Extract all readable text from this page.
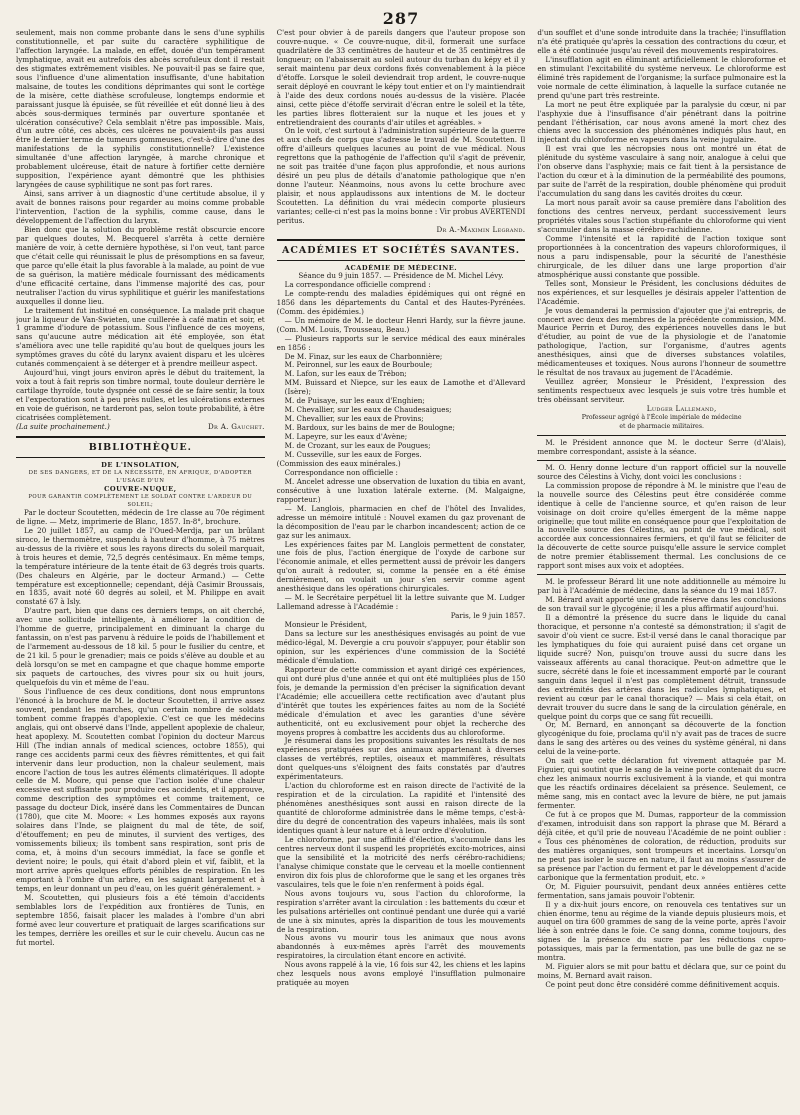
287

seulement, mais non comme probante dans le sens d'une syphilis constitutionnelle, et par suite du caractère syphilitique de l'affection laryngée. La malade, en effet, douée d'un tempérament lymphatique, avait eu autrefois des abcès scrofuleux dont il restait des stigmates extrêmement visibles. Ne pouvait-il pas se faire que, sous l'influence d'une alimentation insuffisante, d'une habitation malsaine, de toutes les conditions déprimantes qui sont le cortège de la misère, cette diathèse scrofuleuse, longtemps endormie et paraissant jusque là épuisée, se fût réveillée et eût donné lieu à des abcès sous-dermiques terminés par ouverture spontanée et ulcération consécutive? Cela semblait n'être pas impossible. Mais, d'un autre côté, ces abcès, ces ulcères ne pouvaient-ils pas aussi être le dernier terme de tumeurs gommeuses, c'est-à-dire d'une des manifestations de la syphilis constitutionnelle? L'existence simultanée d'une affection laryngée, à marche chronique et probablement ulcéreuse, était de nature à fortifier cette dernière supposition, l'expérience ayant démontré que les phthisies laryngées de cause syphilitique ne sont pas fort rares.

Ainsi, sans arriver à un diagnostic d'une certitude absolue, il y avait de bonnes raisons pour regarder au moins comme probable l'intervention, l'action de la syphilis, comme cause, dans le développement de l'affection du larynx.

Bien donc que la solution du problème restât obscurcie encore par quelques doutes, M. Becquerel s'arrêta à cette dernière manière de voir, à cette dernière hypothèse, si l'on veut, tant parce que c'était celle qui réunissait le plus de présomptions en sa faveur, que parce qu'elle était la plus favorable à la malade, au point de vue de sa guérison, la matière médicale fournissant des médicaments d'une efficacité certaine, dans l'immense majorité des cas, pour neutraliser l'action du virus syphilitique et guérir les manifestations auxquelles il donne lieu.

Le traitement fut institué en conséquence. La malade prit chaque jour la liqueur de Van-Swieten, une cuillerée à café matin et soir, et 1 gramme d'iodure de potassium. Sous l'influence de ces moyens, sans qu'aucune autre médication ait été employée, son état s'améliora avec une telle rapidité qu'au bout de quelques jours les symptômes graves du côté du larynx avaient disparu et les ulcères cutanés commençaient à se déterger et à prendre meilleur aspect.

Aujourd'hui, vingt jours environ après le début du traitement, la voix a tout à fait repris son timbre normal, toute douleur derrière le cartilage thyroïde, toute dyspnée ont cessé de se faire sentir, la toux et l'expectoration sont à peu près nulles, et les ulcérations externes en voie de guérison, ne tarderont pas, selon toute probabilité, à être cicatrisées complètement.

(La suite prochainement.)	Dr A. Gauchet.
BIBLIOTHÈQUE.
DE L'INSOLATION,
DE SES DANGERS, ET DE LA NÉCESSITÉ, EN AFRIQUE, D'ADOPTER L'USAGE D'UN
COUVRE-NUQUE,
POUR GARANTIR COMPLÈTEMENT LE SOLDAT CONTRE L'ARDEUR DU SOLEIL;

Par le docteur Scoutetten, médecin de 1re classe au 70e régiment de ligne. — Metz, imprimerie de Blanc, 1857. In-8°, brochure.

Le 20 juillet 1857, au camp de l'Oued-Merdja, par un brûlant siroco, le thermomètre, suspendu à hauteur d'homme, à 75 mètres au-dessus de la rivière et sous les rayons directs du soleil marquait, à trois heures et demie, 72,5 degrés centésimaux. En même temps, la température intérieure de la tente était de 63 degrés trois quarts. (Des chaleurs en Algérie, par le docteur Armand.) — Cette température est exceptionnelle; cependant, déjà Casimir Broussais, en 1835, avait noté 60 degrés au soleil, et M. Philippe en avait constaté 67 à Isly.

D'autre part, bien que dans ces derniers temps, on ait cherché, avec une sollicitude intelligente, à améliorer la condition de l'homme de guerre, principalement en diminuant la charge du fantassin, on n'est pas parvenu à réduire le poids de l'habillement et de l'armement au-dessous de 18 kil. 5 pour le fusilier du centre, et de 21 kil. 5 pour le grenadier; mais ce poids s'élève au double et au delà lorsqu'on se met en campagne et que chaque homme emporte six paquets de cartouches, des vivres pour six ou huit jours, quelquefois du vin et même de l'eau.

Sous l'influence de ces deux conditions, dont nous empruntons l'énoncé à la brochure de M. le docteur Scoutetten, il arrive assez souvent, pendant les marches, qu'un certain nombre de soldats tombent comme frappés d'apoplexie. C'est ce que les médecins anglais, qui ont observé dans l'Inde, appellent apoplexie de chaleur, heat apoplexy. M. Scoutetten combat l'opinion du docteur Marcus Hill (The indian annals of medical sciences, octobre 1855), qui range ces accidents parmi ceux des fièvres rémittentes, et qui fait intervenir dans leur production, non la chaleur seulement, mais encore l'action de tous les autres éléments climatériques. Il adopte celle de M. Moore, qui pense que l'action isolée d'une chaleur excessive est suffisante pour produire ces accidents, et il approuve, comme description des symptômes et comme traitement, ce passage du docteur Dick, inséré dans les Commentaires de Duncan (1780), que cite M. Moore: « Les hommes exposés aux rayons solaires dans l'Inde, se plaignent du mal de tête, de soif, d'étouffement; en peu de minutes, il survient des vertiges, des vomissements bilieux; ils tombent sans respiration, sont pris de coma, et, à moins d'un secours immédiat, la face se gonfle et devient noire; le pouls, qui était d'abord plein et vif, faiblit, et la mort arrive après quelques efforts pénibles de respiration. En les emportant à l'ombre d'un arbre, en les saignant largement et à temps, en leur donnant un peu d'eau, on les guérit généralement. »

M. Scoutetten, qui plusieurs fois a été témoin d'accidents semblables lors de l'expédition aux frontières de Tunis, en septembre 1856, faisait placer les malades à l'ombre d'un abri formé avec leur couverture et pratiquait de larges scarifications sur les tempes, derrière les oreilles et sur le cuir chevelu. Aucun cas ne fut mortel.

C'est pour obvier à de pareils dangers que l'auteur propose son couvre-nuque. « Ce couvre-nuque, dit-il, formerait une surface quadrilatère de 33 centimètres de hauteur et de 35 centimètres de longueur; on l'abaisserait au soleil autour du turban du képy et il y serait maintenu par deux cordons fixés convenablement à la pièce d'étoffe. Lorsque le soleil deviendrait trop ardent, le couvre-nuque serait déployé en couvrant le képy tout entier et on l'y maintiendrait à l'aide des deux cordons noués au-dessus de la visière. Placée ainsi, cette pièce d'étoffe servirait d'écran entre le soleil et la tête, les parties libres flotteraient sur la nuque et les joues et y entretiendraient des courants d'air utiles et agréables. »

On le voit, c'est surtout à l'administration supérieure de la guerre et aux chefs de corps que s'adresse le travail de M. Scoutetten. Il offre d'ailleurs quelques lacunes au point de vue médical. Nous regrettons que la pathogénie de l'affection qu'il s'agit de prévenir, ne soit pas traitée d'une façon plus approfondie, et nous aurions désiré un peu plus de détails d'anatomie pathologique que n'en donne l'auteur. Néanmoins, nous avons lu cette brochure avec plaisir, et nous applaudissons aux intentions de M. le docteur Scoutetten. La définition du vrai médecin comporte plusieurs variantes; celle-ci n'est pas la moins bonne : Vir probus AVERTENDI peritus.

Dr A.-Maximin Legrand.
ACADÉMIES ET SOCIÉTÉS SAVANTES.
ACADÉMIE DE MÉDECINE.
Séance du 9 juin 1857. — Présidence de M. Michel Lévy.

La correspondance officielle comprend :

Le compte-rendu des maladies épidémiques qui ont régné en 1856 dans les départements du Cantal et des Hautes-Pyrénées. (Comm. des épidémies.)

— Un mémoire de M. le docteur Henri Hardy, sur la fièvre jaune. (Com. MM. Louis, Trousseau, Beau.)

— Plusieurs rapports sur le service médical des eaux minérales en 1856 :

De M. Finaz, sur les eaux de Charbonnière;
M. Peironnel, sur les eaux de Bourboule;
M. Lafon, sur les eaux de Trébon;
MM. Buissard et Niepce, sur les eaux de Lamothe et d'Allevard (Isère);
M. de Puisaye, sur les eaux d'Enghien;
M. Chevallier, sur les eaux de Chaudesaigues;
M. Chevallier, sur les eaux de Provins;
M. Bardoux, sur les bains de mer de Boulogne;
M. Lapeyre, sur les eaux d'Avène;
M. de Crozant, sur les eaux de Pougues;
M. Cusseville, sur les eaux de Forges.
(Commission des eaux minérales.)

Correspondance non officielle :

M. Ancelet adresse une observation de luxation du tibia en avant, consécutive à une luxation latérale externe. (M. Malgaigne, rapporteur.)

— M. Langlois, pharmacien en chef de l'hôtel des Invalides, adresse un mémoire intitulé : Nouvel examen du gaz provenant de la décomposition de l'eau par le charbon incandescent; action de ce gaz sur les animaux.

Les expériences faites par M. Langlois permettent de constater, une fois de plus, l'action énergique de l'oxyde de carbone sur l'économie animale, et elles permettent aussi de prévoir les dangers qu'on aurait à redouter, si, comme la pensée en a été émise dernièrement, on voulait un jour s'en servir comme agent anesthésique dans les opérations chirurgicales.

— M. le Secrétaire perpétuel lit la lettre suivante que M. Ludger Lallemand adresse à l'Académie :

Paris, le 9 juin 1857.

Monsieur le Président,

Dans sa lecture sur les anesthésiques envisagés au point de vue médico-légal, M. Devergie a cru pouvoir s'appuyer, pour établir son opinion, sur les expériences d'une commission de la Société médicale d'émulation.

Rapporteur de cette commission et ayant dirigé ces expériences, qui ont duré plus d'une année et qui ont été multipliées plus de 150 fois, je demande la permission d'en préciser la signification devant l'Académie; elle accueillera cette rectification avec d'autant plus d'intérêt que toutes les expériences faites au nom de la Société médicale d'émulation et avec les garanties d'une sévère authenticité, ont eu exclusivement pour objet la recherche des moyens propres à combattre les accidents dus au chloroforme.

Je résumerai dans les propositions suivantes les résultats de nos expériences pratiquées sur des animaux appartenant à diverses classes de vertébrés, reptiles, oiseaux et mammifères, résultats dont quelques-uns s'éloignent des faits constatés par d'autres expérimentateurs.

L'action du chloroforme est en raison directe de l'activité de la respiration et de la circulation. La rapidité et l'intensité des phénomènes anesthésiques sont aussi en raison directe de la quantité de chloroforme administrée dans le même temps, c'est-à-dire du degré de concentration des vapeurs inhalées, mais ils sont identiques quant à leur nature et à leur ordre d'évolution.

Le chloroforme, par une affinité d'élection, s'accumule dans les centres nerveux dont il suspend les propriétés excito-motrices, ainsi que la sensibilité et la motricité des nerfs cérébro-rachidiens; l'analyse chimique constate que le cerveau et la moelle contiennent environ dix fois plus de chloroforme que le sang et les organes très vasculaires, tels que le foie n'en renferment à poids égal.

Nous avons toujours vu, sous l'action du chloroforme, la respiration s'arrêter avant la circulation : les battements du cœur et les pulsations artérielles ont continué pendant une durée qui a varié de une à six minutes, après la disparition de tous les mouvements de la respiration.

Nous avons vu mourir tous les animaux que nous avons abandonnés à eux-mêmes après l'arrêt des mouvements respiratoires, la circulation étant encore en activité.

Nous avons rappelé à la vie, 16 fois sur 42, les chiens et les lapins chez lesquels nous avons employé l'insufflation pulmonaire pratiquée au moyen

d'un soufflet et d'une sonde introduite dans la trachée; l'insufflation n'a été pratiquée qu'après la cessation des contractions du cœur, et elle a été continuée jusqu'au réveil des mouvements respiratoires.

L'insufflation agit en éliminant artificiellement le chloroforme et en stimulant l'excitabilité du système nerveux. Le chloroforme est éliminé très rapidement de l'organisme; la surface pulmonaire est la voie normale de cette élimination, à laquelle la surface cutanée ne prend qu'une part très restreinte.

La mort ne peut être expliquée par la paralysie du cœur, ni par l'asphyxie due à l'insuffisance d'air pénétrant dans la poitrine pendant l'éthérisation, car nous avons amené la mort chez des chiens avec la succession des phénomènes indiqués plus haut, en injectant du chloroforme en vapeurs dans la veine jugulaire.

Il est vrai que les nécropsies nous ont montré un état de plénitude du système vasculaire à sang noir, analogue à celui que l'on observe dans l'asphyxie; mais ce fait tient à la persistance de l'action du cœur et à la diminution de la perméabilité des poumons, par suite de l'arrêt de la respiration, double phénomène qui produit l'accumulation du sang dans les cavités droites du cœur.

La mort nous paraît avoir sa cause première dans l'abolition des fonctions des centres nerveux, perdant successivement leurs propriétés vitales sous l'action stupéfiante du chloroforme qui vient s'accumuler dans la masse cérébro-rachidienne.

Comme l'intensité et la rapidité de l'action toxique sont proportionnées à la concentration des vapeurs chloroformiques, il nous a paru indispensable, pour la sécurité de l'anesthésie chirurgicale, de les diluer dans une large proportion d'air atmosphérique aussi constante que possible.

Telles sont, Monsieur le Président, les conclusions déduites de nos expériences, et sur lesquelles je désirais appeler l'attention de l'Académie.

Je vous demanderai la permission d'ajouter que j'ai entrepris, de concert avec deux des membres de la précédente commission, MM. Maurice Perrin et Duroy, des expériences nouvelles dans le but d'étudier, au point de vue de la physiologie et de l'anatomie pathologique, l'action, sur l'organisme, d'autres agents anesthésiques, ainsi que de diverses substances volatiles, médicamenteuses et toxiques. Nous aurons l'honneur de soumettre le résultat de nos travaux au jugement de l'Académie.

Veuillez agréer, Monsieur le Président, l'expression des sentiments respectueux avec lesquels je suis votre très humble et très obéissant serviteur.

Ludger Lallemand,
Professeur agrégé à l'École impériale de médecine
et de pharmacie militaires.

M. le Président annonce que M. le docteur Serre (d'Alais), membre correspondant, assiste à la séance.

M. O. Henry donne lecture d'un rapport officiel sur la nouvelle source des Célestins à Vichy, dont voici les conclusions :

La commission propose de répondre à M. le ministre que l'eau de la nouvelle source des Célestins peut être considérée comme identique à celle de l'ancienne source, et qu'en raison de leur voisinage on doit croire qu'elles émergent de la même nappe originelle; que tout milite en conséquence pour que l'exploitation de la nouvelle source des Célestins, au point de vue médical, soit accordée aux concessionnaires fermiers, et qu'il faut se féliciter de la découverte de cette source puisqu'elle assure le service complet de notre premier établissement thermal. Les conclusions de ce rapport sont mises aux voix et adoptées.

M. le professeur Bérard lit une note additionnelle au mémoire lu par lui à l'Académie de médecine, dans la séance du 19 mai 1857.

M. Bérard avait apporté une grande réserve dans les conclusions de son travail sur le glycogénie; il les a plus affirmatif aujourd'hui.

Il a démontré la présence du sucre dans le liquide du canal thoracique, et personne n'a contesté sa démonstration; il s'agit de savoir d'où vient ce sucre. Est-il versé dans le canal thoracique par les lymphatiques du foie qui auraient puisé dans cet organe un liquide sucré? Non, puisqu'on trouve aussi du sucre dans les vaisseaux afférents au canal thoracique. Peut-on admettre que le sucre, sécrété dans le foie et incessamment emporté par le courant sanguin dans lequel il n'est pas complètement détruit, transsude des extrémités des artères dans les radicules lymphatiques, et revient au cœur par le canal thoracique? — Mais si cela était, on devrait trouver du sucre dans le sang de la circulation générale, en quelque point du corps que ce sang fût recueilli.

Or, M. Bernard, en annonçant sa découverte de la fonction glycogénique du foie, proclama qu'il n'y avait pas de traces de sucre dans le sang des artères ou des veines du système général, ni dans celui de la veine-porte.

On sait que cette déclaration fut vivement attaquée par M. Figuier, qui soutint que le sang de la veine porte contenait du sucre chez les animaux nourris exclusivement à la viande, et qui montra que les réactifs ordinaires décelaient sa présence. Seulement, ce même sang, mis en contact avec la levure de bière, ne put jamais fermenter.

Ce fut à ce propos que M. Dumas, rapporteur de la commission d'examen, introduisit dans son rapport la phrase que M. Bérard a déjà citée, et qu'il prie de nouveau l'Académie de ne point oublier : « Tous ces phénomènes de coloration, de réduction, produits sur des matières organiques, sont trompeurs et incertains. Lorsqu'on ne peut pas isoler le sucre en nature, il faut au moins s'assurer de sa présence par l'action du ferment et par le développement d'acide carbonique que la fermentation produit, etc. »

Or, M. Figuier poursuivit, pendant deux années entières cette fermentation, sans jamais pouvoir l'obtenir.

Il y a dix-huit jours encore, on renouvela ces tentatives sur un chien énorme, tenu au régime de la viande depuis plusieurs mois, et auquel on tira 600 grammes de sang de la veine porte, après l'avoir liée à son entrée dans le foie. Ce sang donna, comme toujours, des signes de la présence du sucre par les réductions cupro-potassiques, mais par la fermentation, pas une bulle de gaz ne se montra.

M. Figuier alors se mit pour battu et déclara que, sur ce point du moins, M. Bernard avait raison.

Ce point peut donc être considéré comme définitivement acquis.
